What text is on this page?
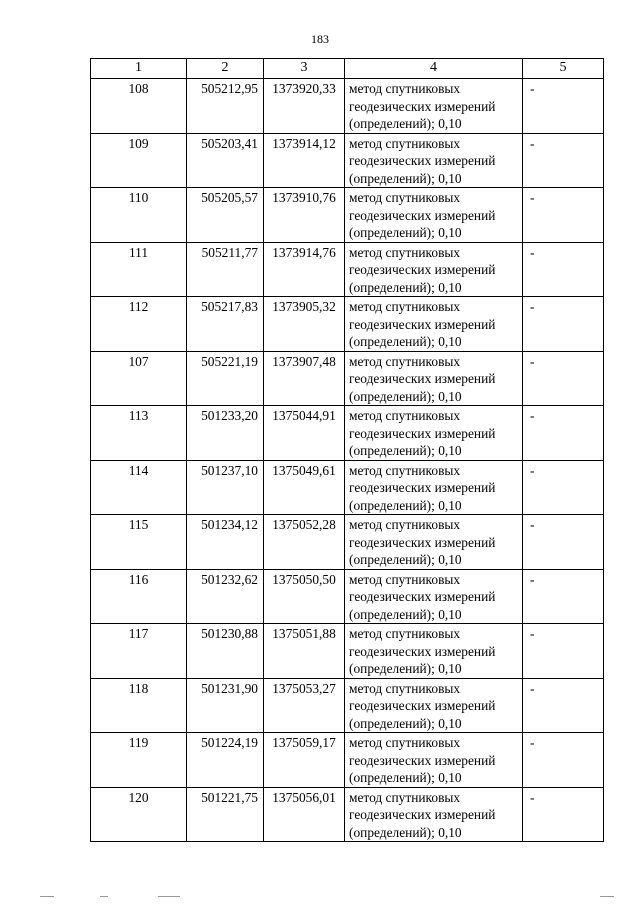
183
1	2	3	4	5
108	505212,95	1373920,33	метод спутниковых
геодезических измерений
(определений); 0,10	-
109	505203,41	1373914,12	метод спутниковых
геодезических измерений
(определений); 0,10	-
110	505205,57	1373910,76	метод спутниковых
геодезических измерений
(определений); 0,10	-
111	505211,77	1373914,76	метод спутниковых
геодезических измерений
(определений); 0,10	-
112	505217,83	1373905,32	метод спутниковых
геодезических измерений
(определений); 0,10	-
107	505221,19	1373907,48	метод спутниковых
геодезических измерений
(определений); 0,10	-
113	501233,20	1375044,91	метод спутниковых
геодезических измерений
(определений); 0,10	-
114	501237,10	1375049,61	метод спутниковых
геодезических измерений
(определений); 0,10	-
115	501234,12	1375052,28	метод спутниковых
геодезических измерений
(определений); 0,10	-
116	501232,62	1375050,50	метод спутниковых
геодезических измерений
(определений); 0,10	-
117	501230,88	1375051,88	метод спутниковых
геодезических измерений
(определений); 0,10	-
118	501231,90	1375053,27	метод спутниковых
геодезических измерений
(определений); 0,10	-
119	501224,19	1375059,17	метод спутниковых
геодезических измерений
(определений); 0,10	-
120	501221,75	1375056,01	метод спутниковых
геодезических измерений
(определений); 0,10	-
